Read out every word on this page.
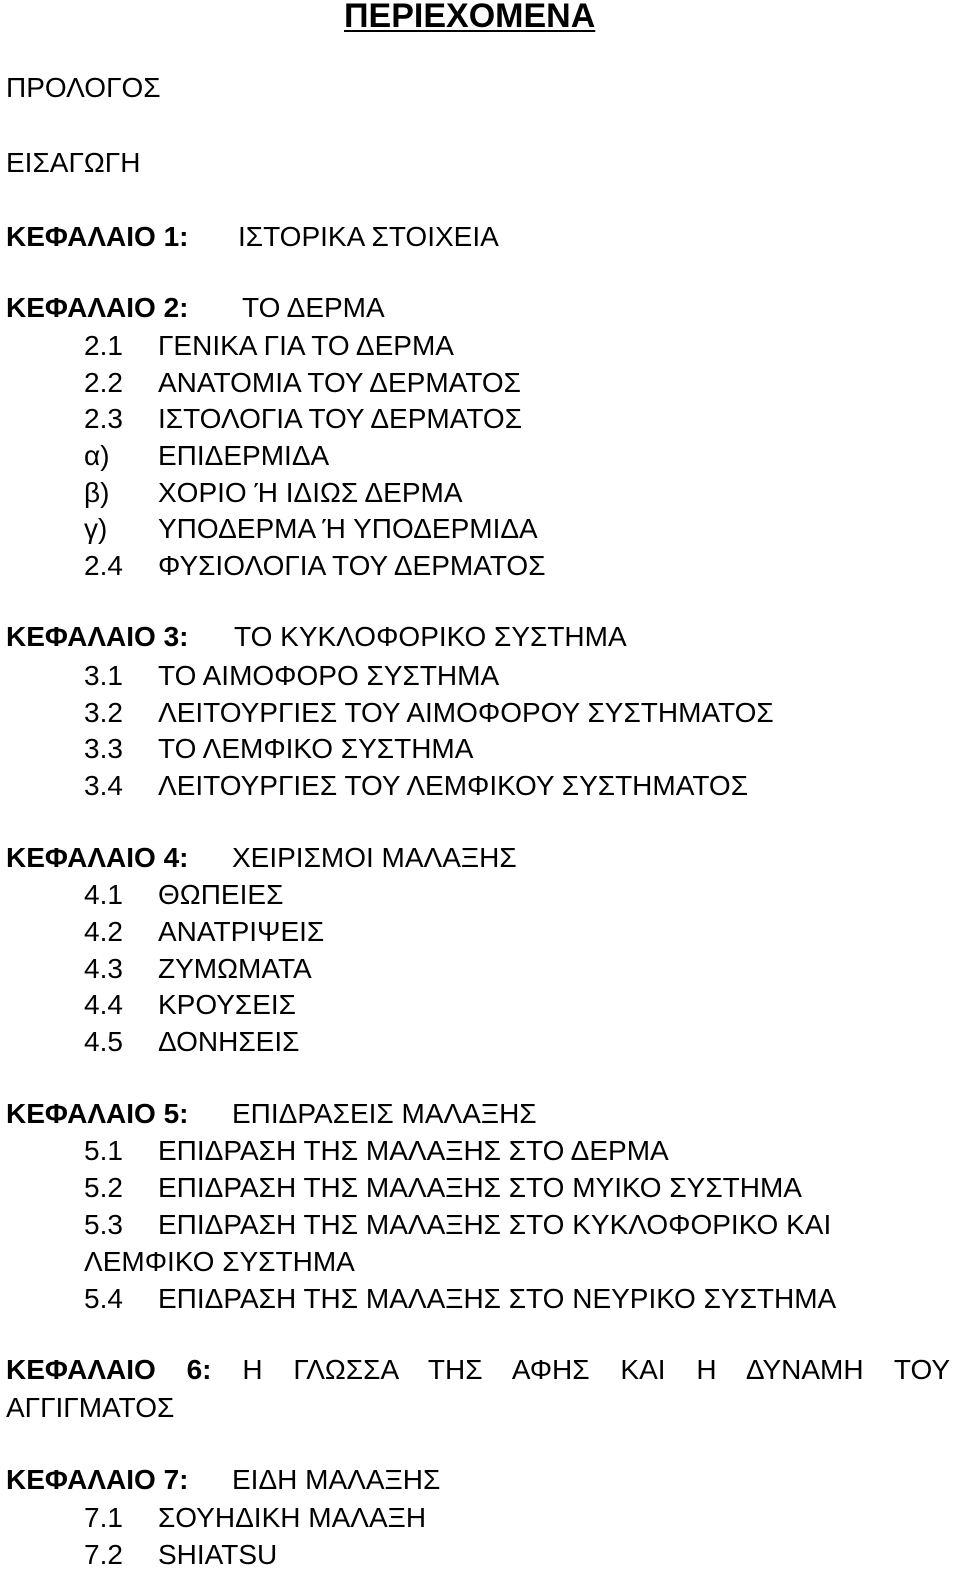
ΠΕΡΙΕΧΟΜΕΝΑ
ΠΡΟΛΟΓΟΣ
ΕΙΣΑΓΩΓΗ
ΚΕΦΑΛΑΙΟ 1: ΙΣΤΟΡΙΚΑ ΣΤΟΙΧΕΙΑ
ΚΕΦΑΛΑΙΟ 2: ΤΟ ΔΕΡΜΑ
2.1 ΓΕΝΙΚΑ ΓΙΑ ΤΟ ΔΕΡΜΑ
2.2 ΑΝΑΤΟΜΙΑ ΤΟΥ ΔΕΡΜΑΤΟΣ
2.3 ΙΣΤΟΛΟΓΙΑ ΤΟΥ ΔΕΡΜΑΤΟΣ
α) ΕΠΙΔΕΡΜΙΔΑ
β) ΧΟΡΙΟ Ή ΙΔΙΩΣ ΔΕΡΜΑ
γ) ΥΠΟΔΕΡΜΑ Ή ΥΠΟΔΕΡΜΙΔΑ
2.4 ΦΥΣΙΟΛΟΓΙΑ ΤΟΥ ΔΕΡΜΑΤΟΣ
ΚΕΦΑΛΑΙΟ 3: ΤΟ ΚΥΚΛΟΦΟΡΙΚΟ ΣΥΣΤΗΜΑ
3.1 ΤΟ ΑΙΜΟΦΟΡΟ ΣΥΣΤΗΜΑ
3.2 ΛΕΙΤΟΥΡΓΙΕΣ ΤΟΥ ΑΙΜΟΦΟΡΟΥ ΣΥΣΤΗΜΑΤΟΣ
3.3 ΤΟ ΛΕΜΦΙΚΟ ΣΥΣΤΗΜΑ
3.4 ΛΕΙΤΟΥΡΓΙΕΣ ΤΟΥ ΛΕΜΦΙΚΟΥ ΣΥΣΤΗΜΑΤΟΣ
ΚΕΦΑΛΑΙΟ 4: ΧΕΙΡΙΣΜΟΙ ΜΑΛΑΞΗΣ
4.1 ΘΩΠΕΙΕΣ
4.2 ΑΝΑΤΡΙΨΕΙΣ
4.3 ΖΥΜΩΜΑΤΑ
4.4 ΚΡΟΥΣΕΙΣ
4.5 ΔΟΝΗΣΕΙΣ
ΚΕΦΑΛΑΙΟ 5: ΕΠΙΔΡΑΣΕΙΣ ΜΑΛΑΞΗΣ
5.1 ΕΠΙΔΡΑΣΗ ΤΗΣ ΜΑΛΑΞΗΣ ΣΤΟ ΔΕΡΜΑ
5.2 ΕΠΙΔΡΑΣΗ ΤΗΣ ΜΑΛΑΞΗΣ ΣΤΟ ΜΥΙΚΟ ΣΥΣΤΗΜΑ
5.3 ΕΠΙΔΡΑΣΗ ΤΗΣ ΜΑΛΑΞΗΣ ΣΤΟ ΚΥΚΛΟΦΟΡΙΚΟ ΚΑΙ
ΛΕΜΦΙΚΟ ΣΥΣΤΗΜΑ
5.4 ΕΠΙΔΡΑΣΗ ΤΗΣ ΜΑΛΑΞΗΣ ΣΤΟ ΝΕΥΡΙΚΟ ΣΥΣΤΗΜΑ
ΚΕΦΑΛΑΙΟ 6: Η ΓΛΩΣΣΑ ΤΗΣ ΑΦΗΣ ΚΑΙ Η ΔΥΝΑΜΗ ΤΟΥ
ΑΓΓΙΓΜΑΤΟΣ
ΚΕΦΑΛΑΙΟ 7: ΕΙΔΗ ΜΑΛΑΞΗΣ
7.1 ΣΟΥΗΔΙΚΗ ΜΑΛΑΞΗ
7.2 SHIATSU
